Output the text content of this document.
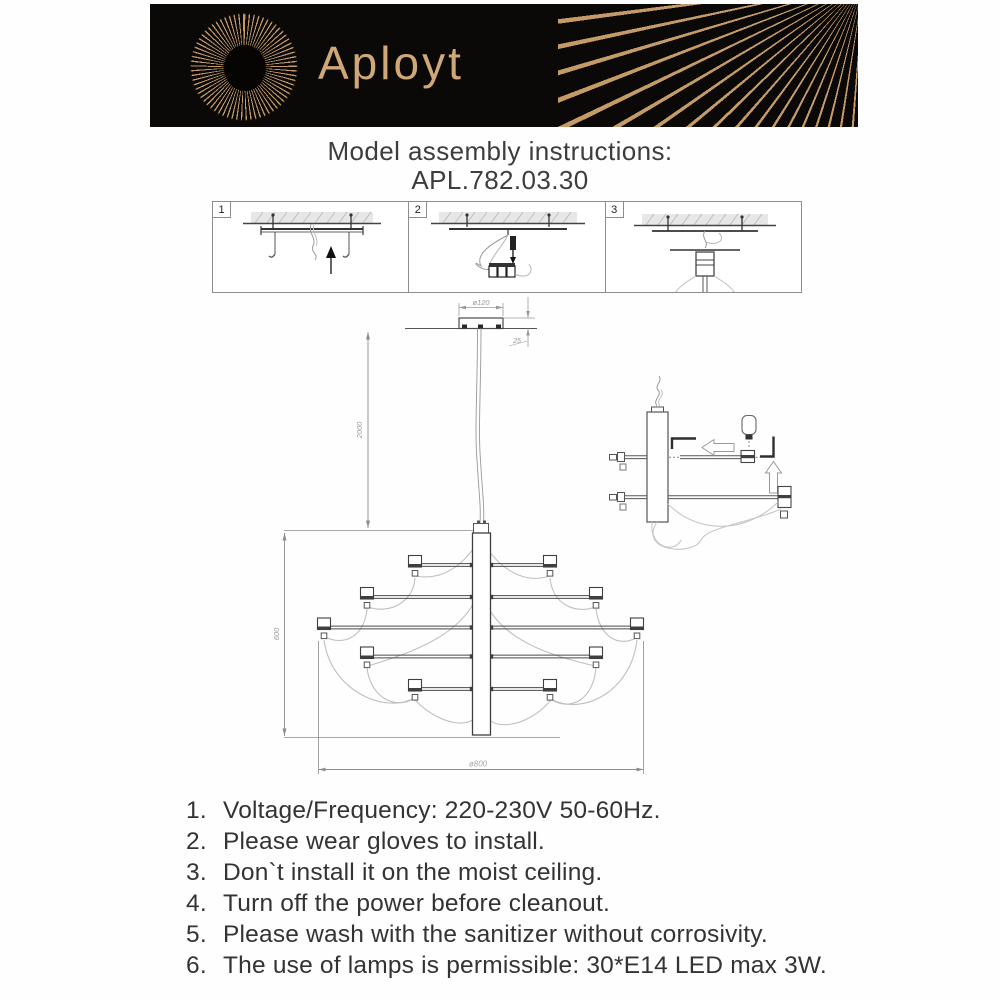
Aployt
Model assembly instructions:
APL.782.03.30
1	2	3
ø120
25
2000
600
ø800
1. Voltage/Frequency: 220-230V 50-60Hz.
2. Please wear gloves to install.
3. Don`t install it on the moist ceiling.
4. Turn off the power before cleanout.
5. Please wash with the sanitizer without corrosivity.
6. The use of lamps is permissible: 30*E14 LED max 3W.
